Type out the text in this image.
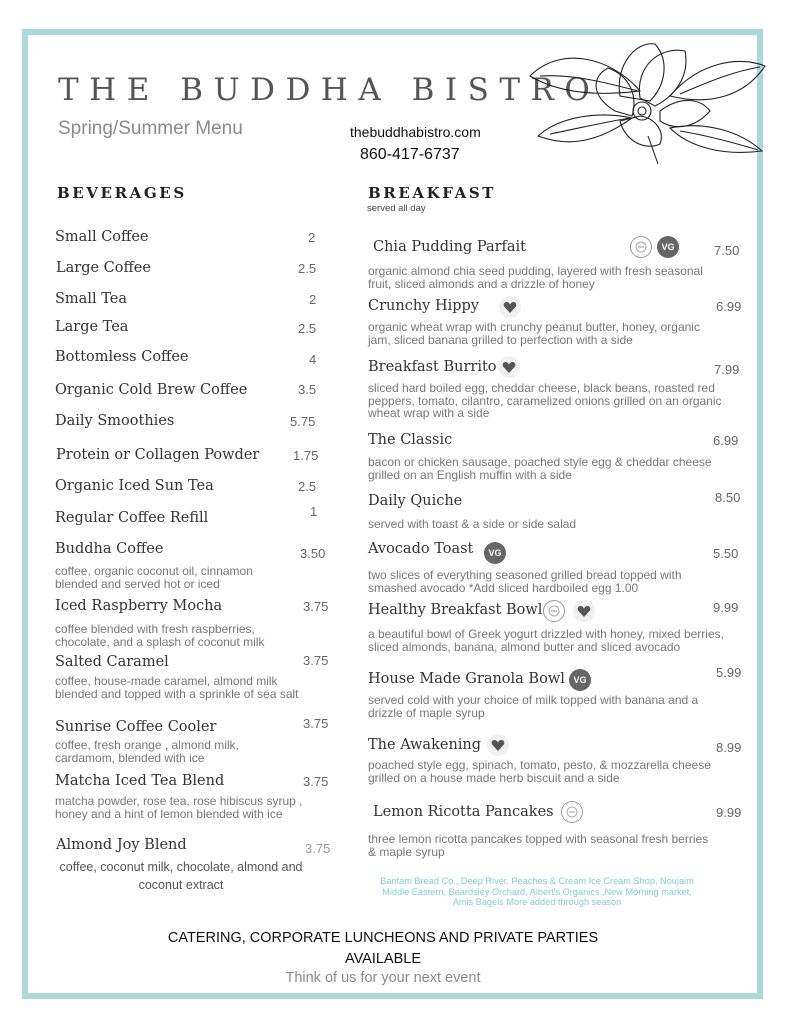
THE BUDDHA BISTRO
Spring/Summer Menu	thebuddhabistro.com
860-417-6737
BEVERAGES
Small Coffee	2
Large Coffee	2.5
Small Tea	2
Large Tea	2.5
Bottomless Coffee	4
Organic Cold Brew Coffee	3.5
Daily Smoothies	5.75
Protein or Collagen Powder	1.75
Organic Iced Sun Tea	2.5
Regular Coffee Refill	1
Buddha Coffee	3.50
coffee, organic coconut oil, cinnamon blended and served hot or iced
Iced Raspberry Mocha	3.75
coffee blended with fresh raspberries, chocolate, and a splash of coconut milk
Salted Caramel	3.75
coffee, house-made caramel, almond milk blended and topped with a sprinkle of sea salt
Sunrise Coffee Cooler	3.75
coffee, fresh orange , almond milk, cardamom, blended with ice
Matcha Iced Tea Blend	3.75
matcha powder, rose tea, rose hibiscus syrup , honey and a hint of lemon blended with ice
Almond Joy Blend	3.75
coffee, coconut milk, chocolate, almond and coconut extract
BREAKFAST
served all day
Chia Pudding Parfait	VG	7.50
organic almond chia seed pudding, layered with fresh seasonal fruit, sliced almonds and a drizzle of honey
Crunchy Hippy	6.99
organic wheat wrap with crunchy peanut butter, honey, organic jam, sliced banana grilled to perfection with a side
Breakfast Burrito	7.99
sliced hard boiled egg, cheddar cheese, black beans, roasted red peppers, tomato, cilantro, caramelized onions grilled on an organic wheat wrap with a side
The Classic	6.99
bacon or chicken sausage, poached style egg & cheddar cheese grilled on an English muffin with a side
Daily Quiche	8.50
served with toast & a side or side salad
Avocado Toast	VG	5.50
two slices of everything seasoned grilled bread topped with smashed avocado *Add sliced hardboiled egg 1.00
Healthy Breakfast Bowl	9.99
a beautiful bowl of Greek yogurt drizzled with honey, mixed berries, sliced almonds, banana, almond butter and sliced avocado
House Made Granola Bowl VG	5.99
served cold with your choice of milk topped with banana and a drizzle of maple syrup
The Awakening	8.99
poached style egg, spinach, tomato, pesto, & mozzarella cheese grilled on a house made herb biscuit and a side
Lemon Ricotta Pancakes	9.99
three lemon ricotta pancakes topped with seasonal fresh berries & maple syrup
Bantam Bread Co., Deep River, Peaches & Cream Ice Cream Shop, Noujaim Middle Eastern, Beardsley Orchard, Albert's Organics.,New Morning market, Amis Bagels More added through season
CATERING, CORPORATE LUNCHEONS AND PRIVATE PARTIES AVAILABLE
Think of us for your next event
